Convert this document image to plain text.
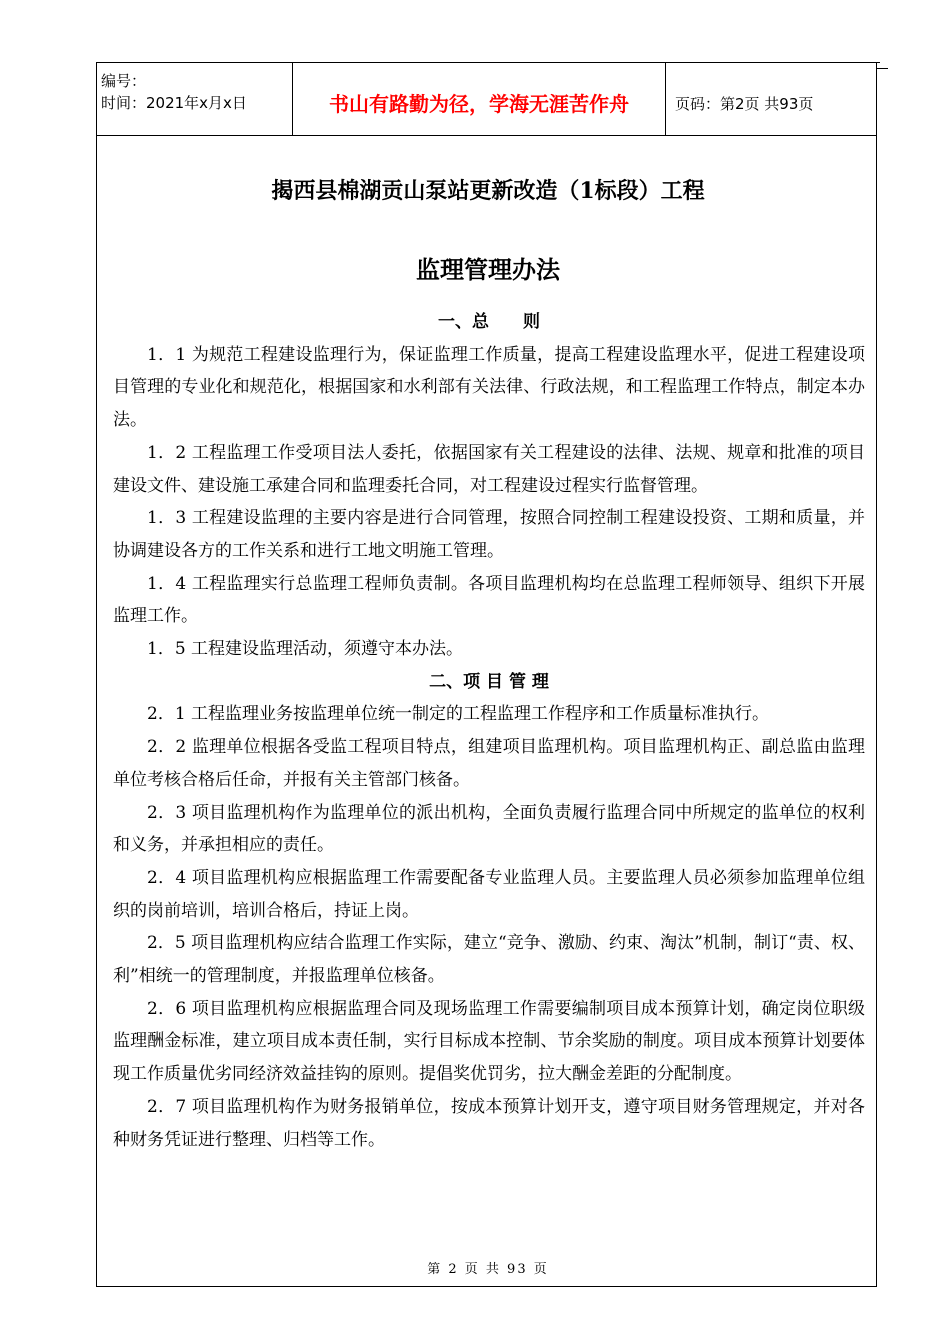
编号：
时间：2021年x月x日	书山有路勤为径，学海无涯苦作舟	页码：第2页 共93页
揭西县棉湖贡山泵站更新改造（1标段）工程
监理管理办法
一、总　　则

1．1 为规范工程建设监理行为，保证监理工作质量，提高工程建设监理水平，促进工程建设项目管理的专业化和规范化，根据国家和水利部有关法律、行政法规，和工程监理工作特点，制定本办法。

1．2 工程监理工作受项目法人委托，依据国家有关工程建设的法律、法规、规章和批准的项目建设文件、建设施工承建合同和监理委托合同，对工程建设过程实行监督管理。

1．3 工程建设监理的主要内容是进行合同管理，按照合同控制工程建设投资、工期和质量，并协调建设各方的工作关系和进行工地文明施工管理。

1．4 工程监理实行总监理工程师负责制。各项目监理机构均在总监理工程师领导、组织下开展监理工作。

1．5 工程建设监理活动，须遵守本办法。

二、项 目 管 理

2．1 工程监理业务按监理单位统一制定的工程监理工作程序和工作质量标准执行。

2．2 监理单位根据各受监工程项目特点，组建项目监理机构。项目监理机构正、副总监由监理单位考核合格后任命，并报有关主管部门核备。

2．3 项目监理机构作为监理单位的派出机构，全面负责履行监理合同中所规定的监单位的权利和义务，并承担相应的责任。

2．4 项目监理机构应根据监理工作需要配备专业监理人员。主要监理人员必须参加监理单位组织的岗前培训，培训合格后，持证上岗。

2．5 项目监理机构应结合监理工作实际，建立“竞争、激励、约束、淘汰”机制，制订“责、权、利”相统一的管理制度，并报监理单位核备。

2．6 项目监理机构应根据监理合同及现场监理工作需要编制项目成本预算计划，确定岗位职级监理酬金标准，建立项目成本责任制，实行目标成本控制、节余奖励的制度。项目成本预算计划要体现工作质量优劣同经济效益挂钩的原则。提倡奖优罚劣，拉大酬金差距的分配制度。

2．7 项目监理机构作为财务报销单位，按成本预算计划开支，遵守项目财务管理规定，并对各种财务凭证进行整理、归档等工作。

第 2 页 共 93 页
